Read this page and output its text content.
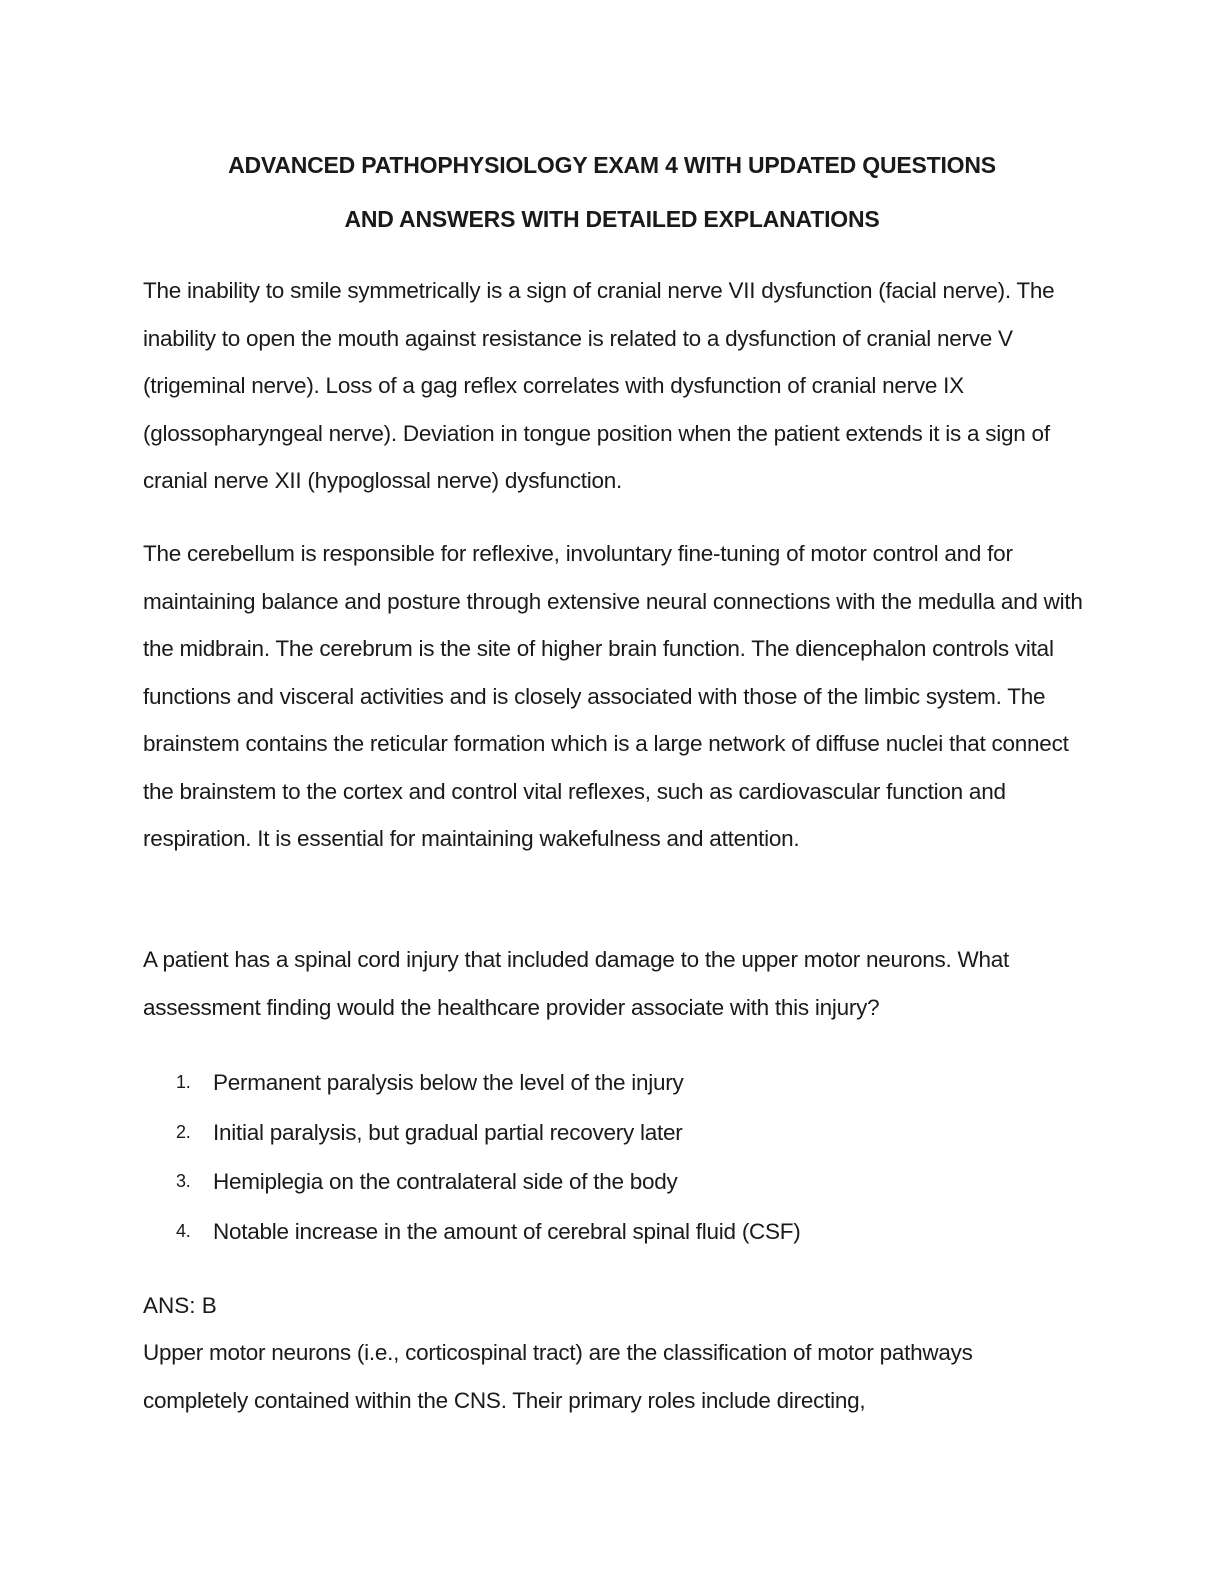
ADVANCED PATHOPHYSIOLOGY EXAM 4 WITH UPDATED QUESTIONS
AND ANSWERS WITH DETAILED EXPLANATIONS

The inability to smile symmetrically is a sign of cranial nerve VII dysfunction (facial nerve). The inability to open the mouth against resistance is related to a dysfunction of cranial nerve V (trigeminal nerve). Loss of a gag reflex correlates with dysfunction of cranial nerve IX (glossopharyngeal nerve). Deviation in tongue position when the patient extends it is a sign of cranial nerve XII (hypoglossal nerve) dysfunction.

The cerebellum is responsible for reflexive, involuntary fine-tuning of motor control and for maintaining balance and posture through extensive neural connections with the medulla and with the midbrain. The cerebrum is the site of higher brain function. The diencephalon controls vital functions and visceral activities and is closely associated with those of the limbic system. The brainstem contains the reticular formation which is a large network of diffuse nuclei that connect the brainstem to the cortex and control vital reflexes, such as cardiovascular function and respiration. It is essential for maintaining wakefulness and attention.

A patient has a spinal cord injury that included damage to the upper motor neurons. What assessment finding would the healthcare provider associate with this injury?

1. Permanent paralysis below the level of the injury
2. Initial paralysis, but gradual partial recovery later
3. Hemiplegia on the contralateral side of the body
4. Notable increase in the amount of cerebral spinal fluid (CSF)

ANS: B

Upper motor neurons (i.e., corticospinal tract) are the classification of motor pathways completely contained within the CNS. Their primary roles include directing,
